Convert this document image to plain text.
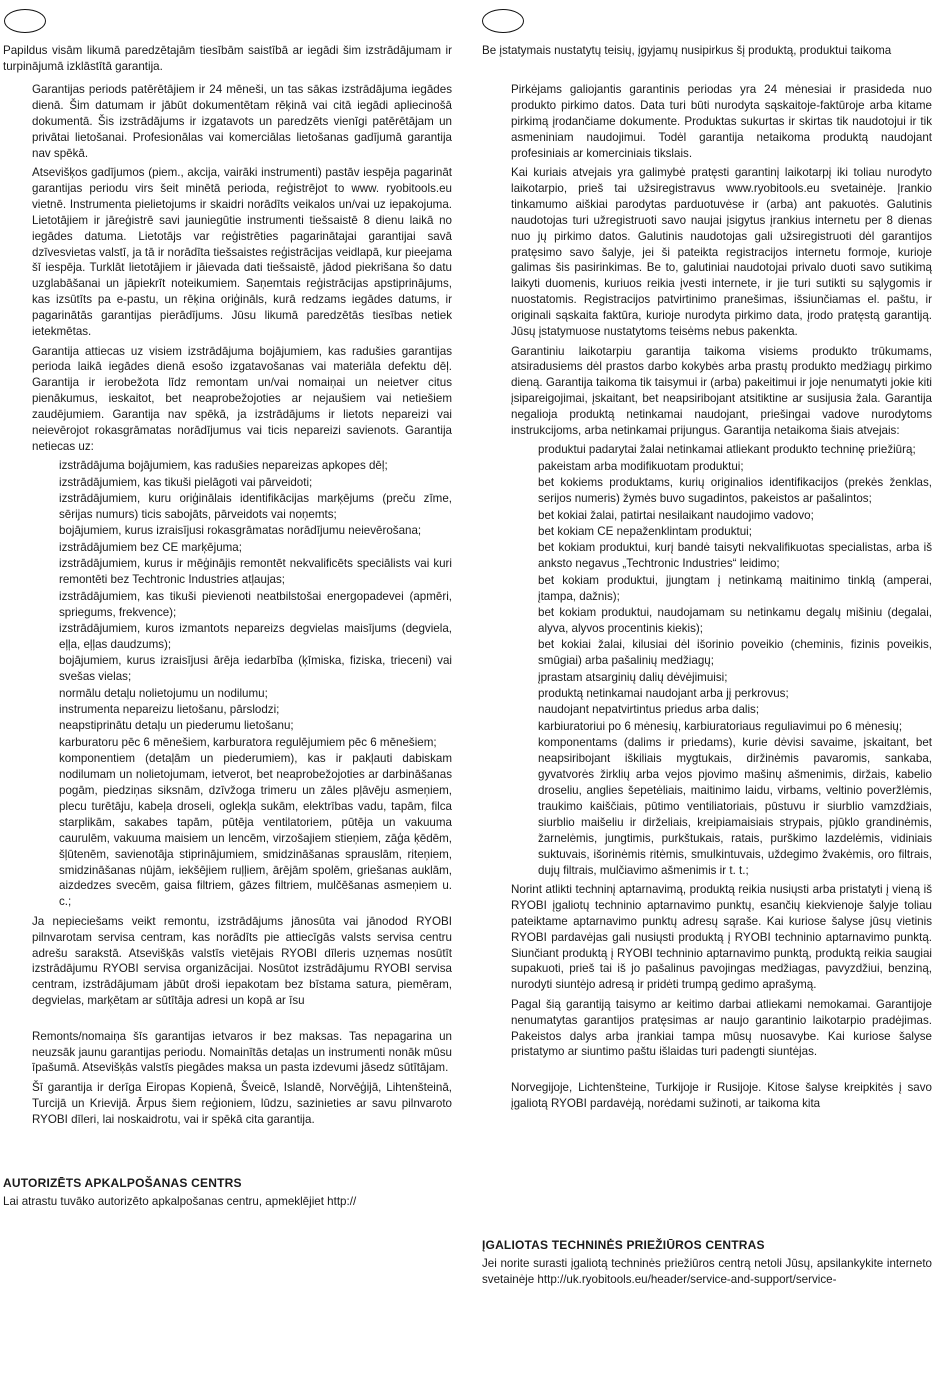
Papildus visām likumā paredzētajām tiesībām saistībā ar iegādi šim izstrādājumam ir turpinājumā izklāstītā garantija.

Garantijas periods patērētājiem ir 24 mēneši, un tas sākas izstrādājuma iegādes dienā. Šim datumam ir jābūt dokumentētam rēķinā vai citā iegādi apliecinošā dokumentā. Šis izstrādājums ir izgatavots un paredzēts vienīgi patērētājam un privātai lietošanai. Profesionālas vai komerciālas lietošanas gadījumā garantija nav spēkā.

Atsevišķos gadījumos (piem., akcija, vairāki instrumenti) pastāv iespēja pagarināt garantijas periodu virs šeit minētā perioda, reģistrējot to www. ryobitools.eu vietnē. Instrumenta pielietojums ir skaidri norādīts veikalos un/vai uz iepakojuma. Lietotājiem ir jāreģistrē savi jauniegūtie instrumenti tiešsaistē 8 dienu laikā no iegādes datuma. Lietotājs var reģistrēties pagarinātajai garantijai savā dzīvesvietas valstī, ja tā ir norādīta tiešsaistes reģistrācijas veidlapā, kur pieejama šī iespēja. Turklāt lietotājiem ir jāievada dati tiešsaistē, jādod piekrišana šo datu uzglabāšanai un jāpiekrīt noteikumiem. Saņemtais reģistrācijas apstiprinājums, kas izsūtīts pa e-pastu, un rēķina oriģināls, kurā redzams iegādes datums, ir pagarinātās garantijas pierādījums. Jūsu likumā paredzētās tiesības netiek ietekmētas.

Garantija attiecas uz visiem izstrādājuma bojājumiem, kas radušies garantijas perioda laikā iegādes dienā esošo izgatavošanas vai materiāla defektu dēļ. Garantija ir ierobežota līdz remontam un/vai nomaiņai un neietver citus pienākumus, ieskaitot, bet neaprobežojoties ar nejaušiem vai netiešiem zaudējumiem. Garantija nav spēkā, ja izstrādājums ir lietots nepareizi vai neievērojot rokasgrāmatas norādījumus vai ticis nepareizi savienots. Garantija netiecas uz:

izstrādājuma bojājumiem, kas radušies nepareizas apkopes dēļ;
izstrādājumiem, kas tikuši pielāgoti vai pārveidoti;
izstrādājumiem, kuru oriģinālais identifikācijas marķējums (preču zīme, sērijas numurs) ticis sabojāts, pārveidots vai noņemts;
bojājumiem, kurus izraisījusi rokasgrāmatas norādījumu neievērošana;
izstrādājumiem bez CE marķējuma;
izstrādājumiem, kurus ir mēģinājis remontēt nekvalificēts speciālists vai kuri remontēti bez Techtronic Industries atļaujas;
izstrādājumiem, kas tikuši pievienoti neatbilstošai energopadevei (apmēri, spriegums, frekvence);
izstrādājumiem, kuros izmantots nepareizs degvielas maisījums (degviela, eļļa, eļļas daudzums);
bojājumiem, kurus izraisījusi ārēja iedarbība (ķīmiska, fiziska, trieceni) vai svešas vielas;
normālu detaļu nolietojumu un nodilumu;
instrumenta nepareizu lietošanu, pārslodzi;
neapstiprinātu detaļu un piederumu lietošanu;
karburatoru pēc 6 mēnešiem, karburatora regulējumiem pēc 6 mēnešiem;
komponentiem (detaļām un piederumiem), kas ir pakļauti dabiskam nodilumam un nolietojumam, ietverot, bet neaprobežojoties ar darbināšanas pogām, piedziņas siksnām, dzīvžoga trimeru un zāles pļāvēju asmeņiem, plecu turētāju, kabeļa droseli, oglekļa sukām, elektrības vadu, tapām, filca starplikām, sakabes tapām, pūtēja ventilatoriem, pūtēja un vakuuma caurulēm, vakuuma maisiem un lencēm, virzošajiem stieņiem, zāģa ķēdēm, šļūtenēm, savienotāja stiprinājumiem, smidzināšanas sprauslām, riteņiem, smidzināšanas nūjām, iekšējiem ruļļiem, ārējām spolēm, griešanas auklām, aizdedzes svecēm, gaisa filtriem, gāzes filtriem, mulčēšanas asmeņiem u. c.;

Ja nepieciešams veikt remontu, izstrādājums jānosūta vai jānodod RYOBI pilnvarotam servisa centram, kas norādīts pie attiecīgās valsts servisa centru adrešu sarakstā. Atsevišķās valstīs vietējais RYOBI dīleris uzņemas nosūtīt izstrādājumu RYOBI servisa organizācijai. Nosūtot izstrādājumu RYOBI servisa centram, izstrādājumam jābūt droši iepakotam bez bīstama satura, piemēram, degvielas, marķētam ar sūtītāja adresi un kopā ar īsu

Remonts/nomaiņa šīs garantijas ietvaros ir bez maksas. Tas nepagarina un neuzsāk jaunu garantijas periodu. Nomainītās detaļas un instrumenti nonāk mūsu īpašumā. Atsevišķās valstīs piegādes maksa un pasta izdevumi jāsedz sūtītājam.

Šī garantija ir derīga Eiropas Kopienā, Šveicē, Islandē, Norvēģijā, Lihtenšteinā, Turcijā un Krievijā. Ārpus šiem reģioniem, lūdzu, sazinieties ar savu pilnvaroto RYOBI dīleri, lai noskaidrotu, vai ir spēkā cita garantija.

AUTORIZĒTS APKALPOŠANAS CENTRS

Lai atrastu tuvāko autorizēto apkalpošanas centru, apmeklējiet http://

Be įstatymais nustatytų teisių, įgyjamų nusipirkus šį produktą, produktui taikoma

Pirkėjams galiojantis garantinis periodas yra 24 mėnesiai ir prasideda nuo produkto pirkimo datos. Data turi būti nurodyta sąskaitoje-faktūroje arba kitame pirkimą įrodančiame dokumente. Produktas sukurtas ir skirtas tik naudotojui ir tik asmeniniam naudojimui. Todėl garantija netaikoma produktą naudojant profesiniais ar komerciniais tikslais.

Kai kuriais atvejais yra galimybė pratęsti garantinį laikotarpį iki toliau nurodyto laikotarpio, prieš tai užsiregistravus www.ryobitools.eu svetainėje. Įrankio tinkamumo aiškiai parodytas parduotuvėse ir (arba) ant pakuotės. Galutinis naudotojas turi užregistruoti savo naujai įsigytus įrankius internetu per 8 dienas nuo jų pirkimo datos. Galutinis naudotojas gali užsiregistruoti dėl garantijos pratęsimo savo šalyje, jei ši pateikta registracijos internetu formoje, kurioje galimas šis pasirinkimas. Be to, galutiniai naudotojai privalo duoti savo sutikimą laikyti duomenis, kuriuos reikia įvesti internete, ir jie turi sutikti su sąlygomis ir nuostatomis. Registracijos patvirtinimo pranešimas, išsiunčiamas el. paštu, ir originali sąskaita faktūra, kurioje nurodyta pirkimo data, įrodo pratęstą garantiją. Jūsų įstatymuose nustatytoms teisėms nebus pakenkta.

Garantiniu laikotarpiu garantija taikoma visiems produkto trūkumams, atsiradusiems dėl prastos darbo kokybės arba prastų produkto medžiagų pirkimo dieną. Garantija taikoma tik taisymui ir (arba) pakeitimui ir joje nenumatyti jokie kiti įsipareigojimai, įskaitant, bet neapsiribojant atsitiktine ar susijusia žala. Garantija negalioja produktą netinkamai naudojant, priešingai vadove nurodytoms instrukcijoms, arba netinkamai prijungus. Garantija netaikoma šiais atvejais:

produktui padarytai žalai netinkamai atliekant produkto techninę priežiūrą;
pakeistam arba modifikuotam produktui;
bet kokiems produktams, kurių originalios identifikacijos (prekės ženklas, serijos numeris) žymės buvo sugadintos, pakeistos ar pašalintos;
bet kokiai žalai, patirtai nesilaikant naudojimo vadovo;
bet kokiam CE nepaženklintam produktui;
bet kokiam produktui, kurį bandė taisyti nekvalifikuotas specialistas, arba iš anksto negavus „Techtronic Industries“ leidimo;
bet kokiam produktui, įjungtam į netinkamą maitinimo tinklą (amperai, įtampa, dažnis);
bet kokiam produktui, naudojamam su netinkamu degalų mišiniu (degalai, alyva, alyvos procentinis kiekis);
bet kokiai žalai, kilusiai dėl išorinio poveikio (cheminis, fizinis poveikis, smūgiai) arba pašalinių medžiagų;
įprastam atsarginių dalių dėvėjimuisi;
produktą netinkamai naudojant arba jį perkrovus;
naudojant nepatvirtintus priedus arba dalis;
karbiuratoriui po 6 mėnesių, karbiuratoriaus reguliavimui po 6 mėnesių;
komponentams (dalims ir priedams), kurie dėvisi savaime, įskaitant, bet neapsiribojant iškiliais mygtukais, diržinėmis pavaromis, sankaba, gyvatvorės žirklių arba vejos pjovimo mašinų ašmenimis, diržais, kabelio droseliu, anglies šepetėliais, maitinimo laidu, virbams, veltinio poveržlėmis, traukimo kaiščiais, pūtimo ventiliatoriais, pūstuvu ir siurblio vamzdžiais, siurblio maišeliu ir dirželiais, kreipiamaisiais strypais, pjūklo grandinėmis, žarnelėmis, jungtimis, purkštukais, ratais, purškimo lazdelėmis, vidiniais suktuvais, išorinėmis ritėmis, smulkintuvais, uždegimo žvakėmis, oro filtrais, dujų filtrais, mulčiavimo ašmenimis ir t. t.;

Norint atlikti techninį aptarnavimą, produktą reikia nusiųsti arba pristatyti į vieną iš RYOBI įgaliotų techninio aptarnavimo punktų, esančių kiekvienoje šalyje toliau pateiktame aptarnavimo punktų adresų sąraše. Kai kuriose šalyse jūsų vietinis RYOBI pardavėjas gali nusiųsti produktą į RYOBI techninio aptarnavimo punktą. Siunčiant produktą į RYOBI techninio aptarnavimo punktą, produktą reikia saugiai supakuoti, prieš tai iš jo pašalinus pavojingas medžiagas, pavyzdžiui, benziną, nurodyti siuntėjo adresą ir pridėti trumpą gedimo aprašymą.

Pagal šią garantiją taisymo ar keitimo darbai atliekami nemokamai. Garantijoje nenumatytas garantijos pratęsimas ar naujo garantinio laikotarpio pradėjimas. Pakeistos dalys arba įrankiai tampa mūsų nuosavybe. Kai kuriose šalyse pristatymo ar siuntimo paštu išlaidas turi padengti siuntėjas.

Norvegijoje, Lichtenšteine, Turkijoje ir Rusijoje. Kitose šalyse kreipkitės į savo įgaliotą RYOBI pardavėją, norėdami sužinoti, ar taikoma kita

ĮGALIOTAS TECHNINĖS PRIEŽIŪROS CENTRAS

Jei norite surasti įgaliotą techninės priežiūros centrą netoli Jūsų, apsilankykite interneto svetainėje http://uk.ryobitools.eu/header/service-and-support/service-
